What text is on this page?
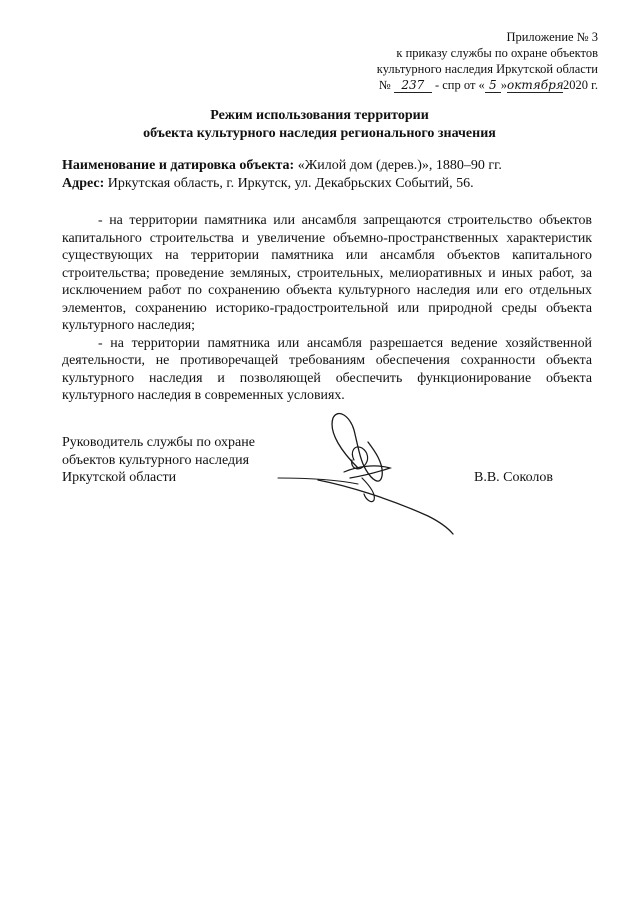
Приложение № 3
к приказу службы по охране объектов
культурного наследия Иркутской области
№ 237 - спр от « 5 »октября2020 г.
Режим использования территории
объекта культурного наследия регионального значения
Наименование и датировка объекта: «Жилой дом (дерев.)», 1880–90 гг.
Адрес: Иркутская область, г. Иркутск, ул. Декабрьских Событий, 56.

- на территории памятника или ансамбля запрещаются строительство объектов капитального строительства и увеличение объемно-пространственных характеристик существующих на территории памятника или ансамбля объектов капитального строительства; проведение земляных, строительных, мелиоративных и иных работ, за исключением работ по сохранению объекта культурного наследия или его отдельных элементов, сохранению историко-градостроительной или природной среды объекта культурного наследия;

- на территории памятника или ансамбля разрешается ведение хозяйственной деятельности, не противоречащей требованиям обеспечения сохранности объекта культурного наследия и позволяющей обеспечить функционирование объекта культурного наследия в современных условиях.

Руководитель службы по охране
объектов культурного наследия
Иркутской области	В.В. Соколов
